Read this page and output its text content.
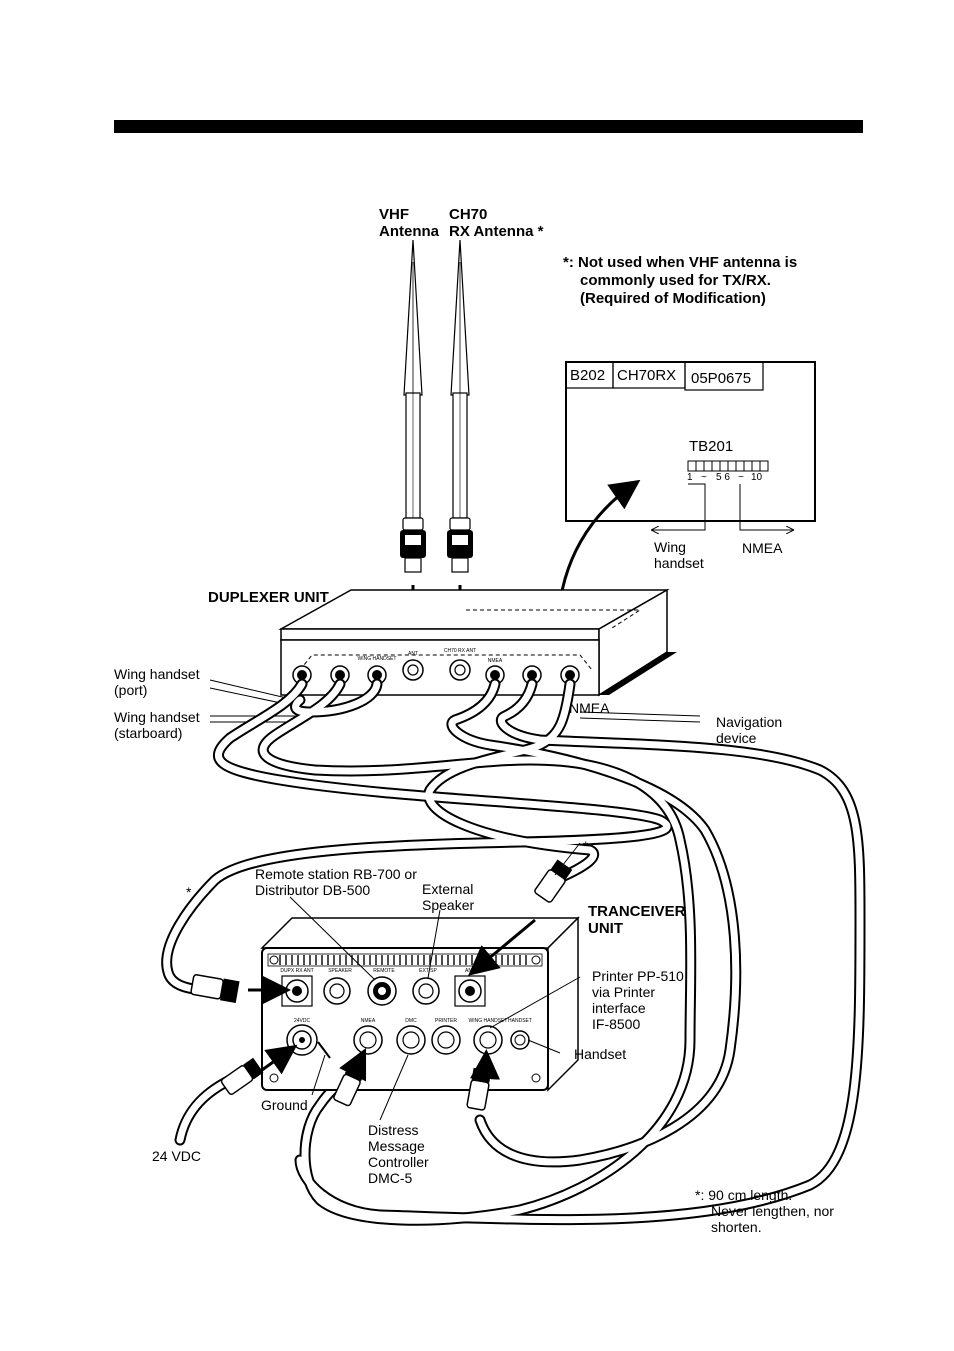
DUPX RX ANT	SPEAKER	REMOTE	EXT SP	ANT
24VDC	NMEA	DMC	PRINTER WING HANDSET HANDSET
WING HANDSET
ANT	CH70 RX ANT
NMEA
VHF
Antenna
CH70
RX Antenna *
*: Not used when VHF antenna is
commonly used for TX/RX.
(Required of Modification)
B202 CH70RX 05P0675
TB201
1 ~ 5 6 ~ 10
Wing
handset
NMEA
DUPLEXER UNIT
Wing handset
(port)
Wing handset
(starboard)
NMEA
Navigation
device
*
*
Remote station RB-700 or
Distributor DB-500	External
Speaker	TRANCEIVER
UNIT
Printer PP-510
via Printer
interface
IF-8500
Handset
Ground
24 VDC
Distress
Message
Controller
DMC-5
*: 90 cm length.
Never lengthen, nor
shorten.
